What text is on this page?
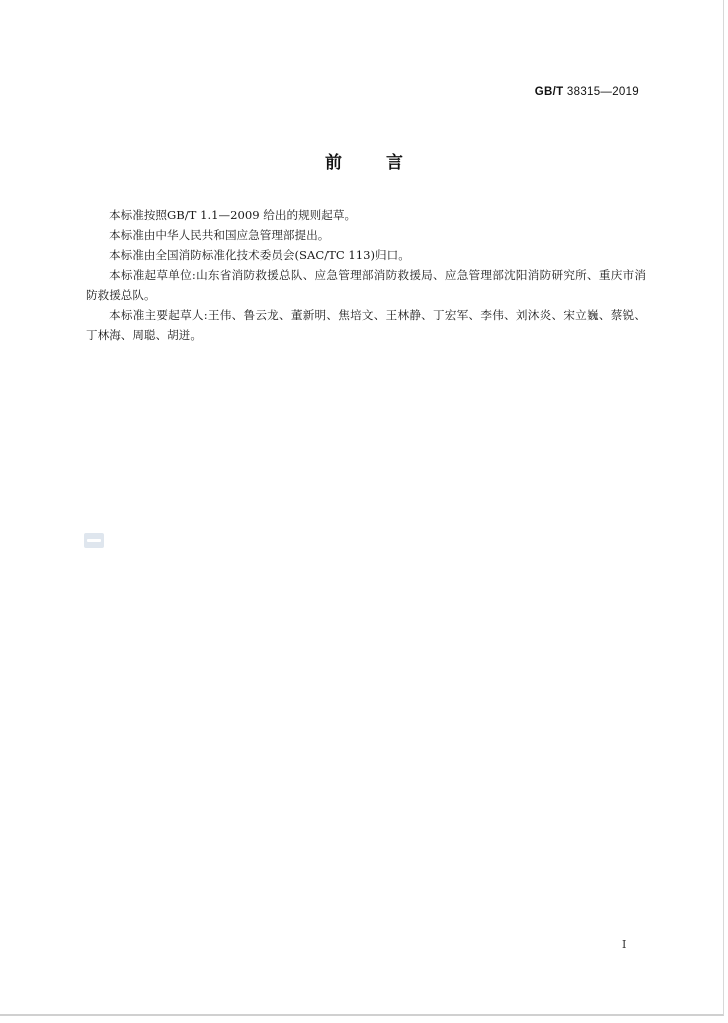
GB/T 38315—2019
前言

本标准按照GB/T 1.1—2009 给出的规则起草。

本标准由中华人民共和国应急管理部提出。

本标准由全国消防标准化技术委员会(SAC/TC 113)归口。

本标准起草单位:山东省消防救援总队、应急管理部消防救援局、应急管理部沈阳消防研究所、重庆市消防救援总队。

本标准主要起草人:王伟、鲁云龙、董新明、焦培文、王林静、丁宏军、李伟、刘沐炎、宋立巍、蔡锐、丁林海、周聪、胡迸。

I
